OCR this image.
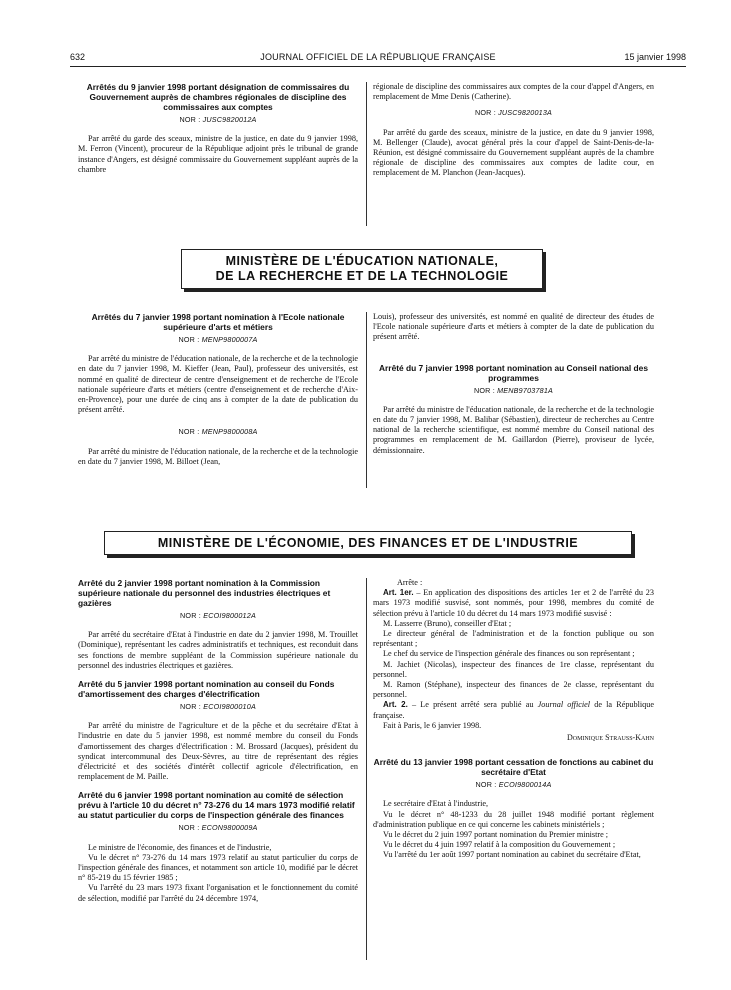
632	JOURNAL OFFICIEL DE LA RÉPUBLIQUE FRANÇAISE	15 janvier 1998
Arrêtés du 9 janvier 1998 portant désignation de commissaires du Gouvernement auprès de chambres régionales de discipline des commissaires aux comptes
NOR : JUSC9820012A

Par arrêté du garde des sceaux, ministre de la justice, en date du 9 janvier 1998, M. Ferron (Vincent), procureur de la République adjoint près le tribunal de grande instance d'Angers, est désigné commissaire du Gouvernement suppléant auprès de la chambre

régionale de discipline des commissaires aux comptes de la cour d'appel d'Angers, en remplacement de Mme Denis (Catherine).

NOR : JUSC9820013A

Par arrêté du garde des sceaux, ministre de la justice, en date du 9 janvier 1998, M. Bellenger (Claude), avocat général près la cour d'appel de Saint-Denis-de-la-Réunion, est désigné commissaire du Gouvernement suppléant auprès de la chambre régionale de discipline des commissaires aux comptes de ladite cour, en remplacement de M. Planchon (Jean-Jacques).

MINISTÈRE DE L'ÉDUCATION NATIONALE,
DE LA RECHERCHE ET DE LA TECHNOLOGIE
Arrêtés du 7 janvier 1998 portant nomination à l'Ecole nationale supérieure d'arts et métiers
NOR : MENP9800007A

Par arrêté du ministre de l'éducation nationale, de la recherche et de la technologie en date du 7 janvier 1998, M. Kieffer (Jean, Paul), professeur des universités, est nommé en qualité de directeur de centre d'enseignement et de recherche de l'Ecole nationale supérieure d'arts et métiers (centre d'enseignement et de recherche d'Aix-en-Provence), pour une durée de cinq ans à compter de la date de publication du présent arrêté.

NOR : MENP9800008A

Par arrêté du ministre de l'éducation nationale, de la recherche et de la technologie en date du 7 janvier 1998, M. Billoet (Jean,

Louis), professeur des universités, est nommé en qualité de directeur des études de l'Ecole nationale supérieure d'arts et métiers à compter de la date de publication du présent arrêté.

Arrêté du 7 janvier 1998 portant nomination au Conseil national des programmes
NOR : MENB9703781A

Par arrêté du ministre de l'éducation nationale, de la recherche et de la technologie en date du 7 janvier 1998, M. Balibar (Sébastien), directeur de recherches au Centre national de la recherche scientifique, est nommé membre du Conseil national des programmes en remplacement de M. Gaillardon (Pierre), proviseur de lycée, démissionnaire.

MINISTÈRE DE L'ÉCONOMIE, DES FINANCES ET DE L'INDUSTRIE
Arrêté du 2 janvier 1998 portant nomination à la Commission supérieure nationale du personnel des industries électriques et gazières
NOR : ECOI9800012A

Par arrêté du secrétaire d'Etat à l'industrie en date du 2 janvier 1998, M. Trouillet (Dominique), représentant les cadres administratifs et techniques, est reconduit dans ses fonctions de membre suppléant de la Commission supérieure nationale du personnel des industries électriques et gazières.

Arrêté du 5 janvier 1998 portant nomination au conseil du Fonds d'amortissement des charges d'électrification
NOR : ECOI9800010A

Par arrêté du ministre de l'agriculture et de la pêche et du secrétaire d'Etat à l'industrie en date du 5 janvier 1998, est nommé membre du conseil du Fonds d'amortissement des charges d'électrification : M. Brossard (Jacques), président du syndicat intercommunal des Deux-Sèvres, au titre de représentant des régies d'électricité et des sociétés d'intérêt collectif agricole d'électrification, en remplacement de M. Paille.

Arrêté du 6 janvier 1998 portant nomination au comité de sélection prévu à l'article 10 du décret n° 73-276 du 14 mars 1973 modifié relatif au statut particulier du corps de l'inspection générale des finances
NOR : ECON9800009A

Le ministre de l'économie, des finances et de l'industrie,

Vu le décret n° 73-276 du 14 mars 1973 relatif au statut particulier du corps de l'inspection générale des finances, et notamment son article 10, modifié par le décret n° 85-219 du 15 février 1985 ;

Vu l'arrêté du 23 mars 1973 fixant l'organisation et le fonctionnement du comité de sélection, modifié par l'arrêté du 24 décembre 1974,

Arrête :

Art. 1er. – En application des dispositions des articles 1er et 2 de l'arrêté du 23 mars 1973 modifié susvisé, sont nommés, pour 1998, membres du comité de sélection prévu à l'article 10 du décret du 14 mars 1973 modifié susvisé :

M. Lasserre (Bruno), conseiller d'Etat ;

Le directeur général de l'administration et de la fonction publique ou son représentant ;

Le chef du service de l'inspection générale des finances ou son représentant ;

M. Jachiet (Nicolas), inspecteur des finances de 1re classe, représentant du personnel.

M. Ramon (Stéphane), inspecteur des finances de 2e classe, représentant du personnel.

Art. 2. – Le présent arrêté sera publié au Journal officiel de la République française.

Fait à Paris, le 6 janvier 1998.

Dominique Strauss-Kahn
Arrêté du 13 janvier 1998 portant cessation de fonctions au cabinet du secrétaire d'Etat
NOR : ECOI9800014A

Le secrétaire d'Etat à l'industrie,

Vu le décret n° 48-1233 du 28 juillet 1948 modifié portant règlement d'administration publique en ce qui concerne les cabinets ministériels ;

Vu le décret du 2 juin 1997 portant nomination du Premier ministre ;

Vu le décret du 4 juin 1997 relatif à la composition du Gouvernement ;

Vu l'arrêté du 1er août 1997 portant nomination au cabinet du secrétaire d'Etat,
